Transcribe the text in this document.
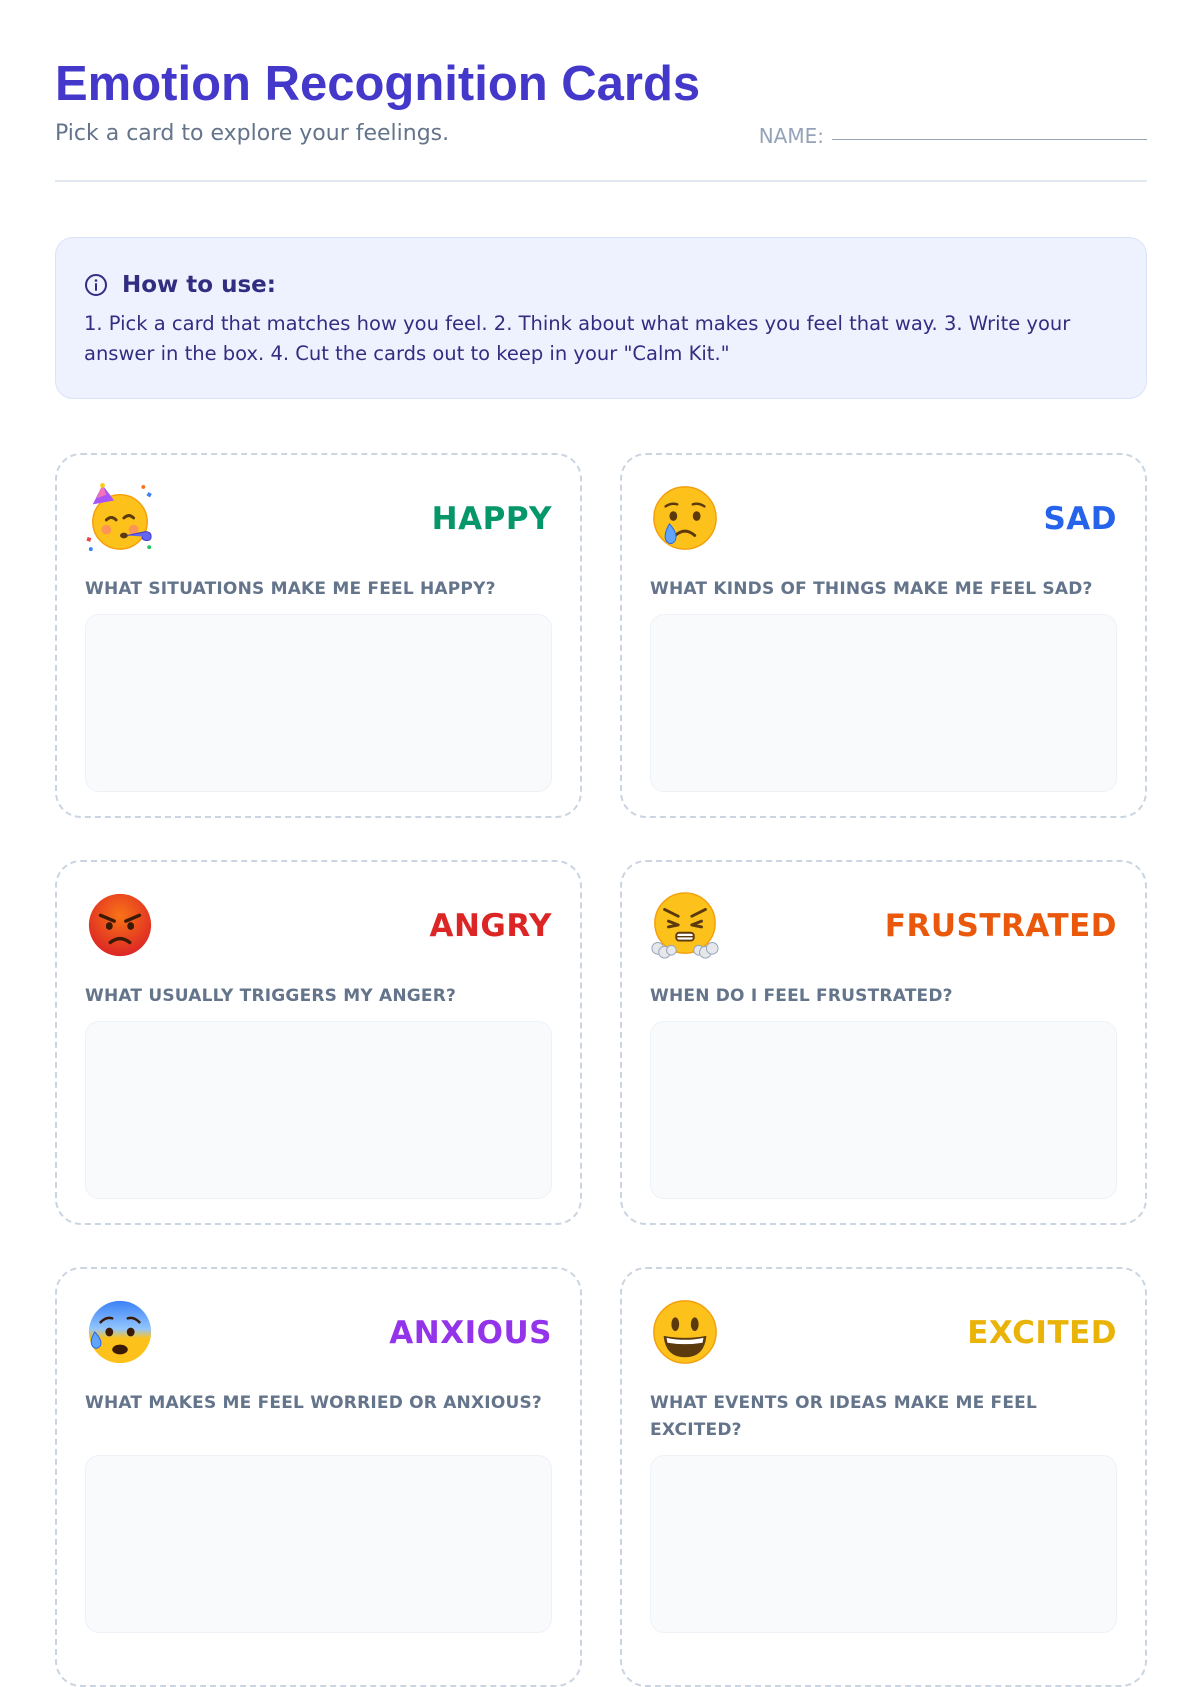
Emotion Recognition Cards
Pick a card to explore your feelings.	NAME:
How to use:
1. Pick a card that matches how you feel. 2. Think about what makes you feel that way. 3. Write your answer in the box. 4. Cut the cards out to keep in your "Calm Kit."
HAPPY
WHAT SITUATIONS MAKE ME FEEL HAPPY?
SAD
WHAT KINDS OF THINGS MAKE ME FEEL SAD?
ANGRY
WHAT USUALLY TRIGGERS MY ANGER?
FRUSTRATED
WHEN DO I FEEL FRUSTRATED?
ANXIOUS
WHAT MAKES ME FEEL WORRIED OR ANXIOUS?
EXCITED
WHAT EVENTS OR IDEAS MAKE ME FEEL EXCITED?
